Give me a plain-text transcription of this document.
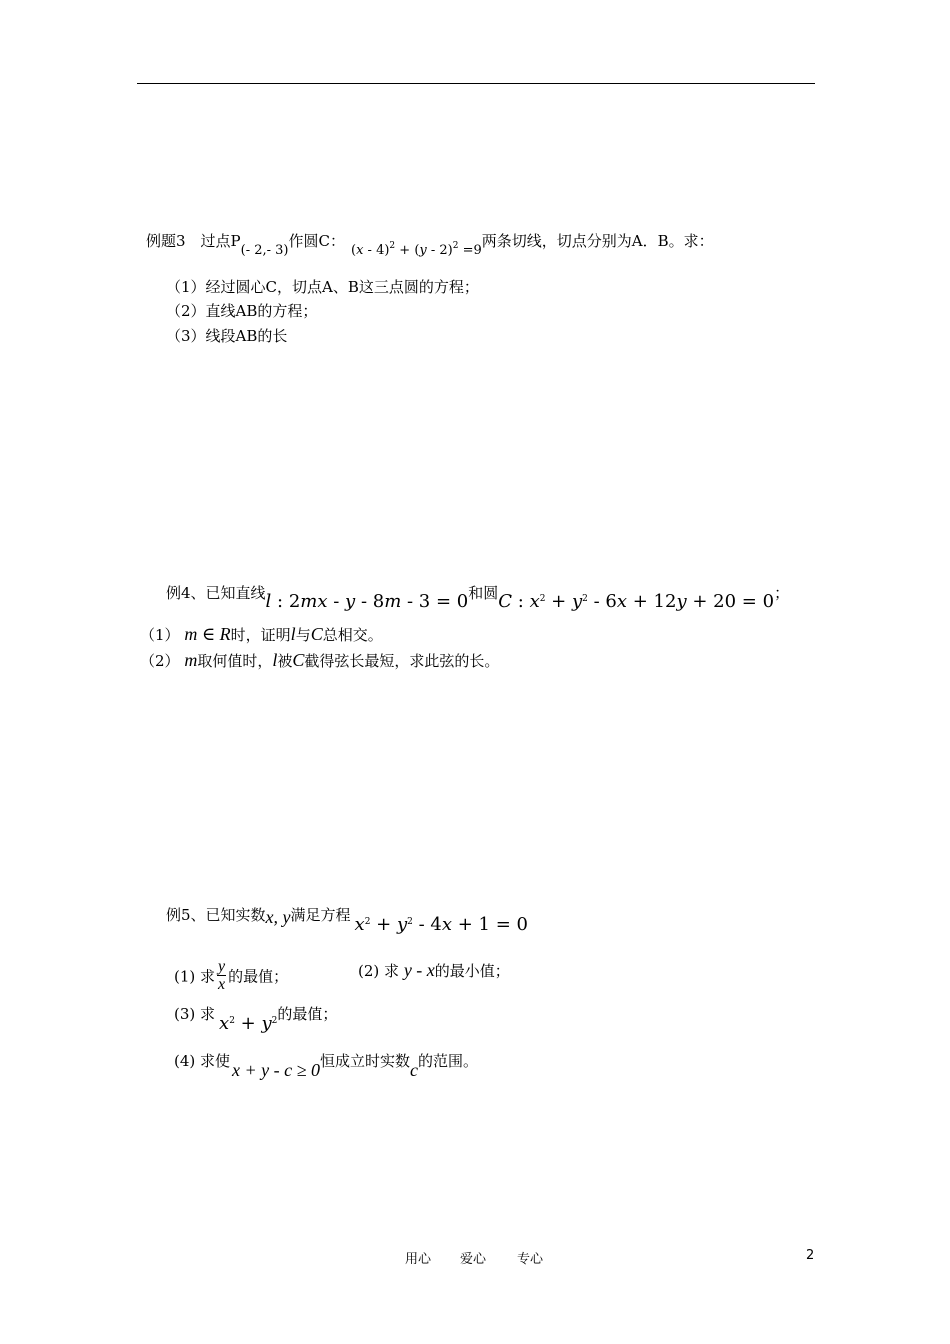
例题3　过点P(- 2,- 3)作圆C：(x - 4)$^2$ + (y - 2)$^2$ =9两条切线，切点分别为A．B。求：
（1）经过圆心C，切点A、B这三点圆的方程；
（2）直线AB的方程；
（3）线段AB的长
例4、已知直线l : 2mx - y - 8m - 3 = 0和圆C : $x^2 + y^2 - 6x + 12y + 20 = 0$；
（1） m ∈ R时，证明l与C总相交。
（2） m取何值时，l被C截得弦长最短，求此弦的长。
例5、已知实数x, y满足方程 $x^2 + y^2 - 4x + 1 = 0$
(1) 求 $\frac{y}{x}$ 的最值；	(2) 求 y - x的最小值；
(3) 求 $x^2 + y^2$的最值；
(4) 求使 x + y - c ≥ 0恒成立时实数c的范围。
用心 爱心 专心	2
